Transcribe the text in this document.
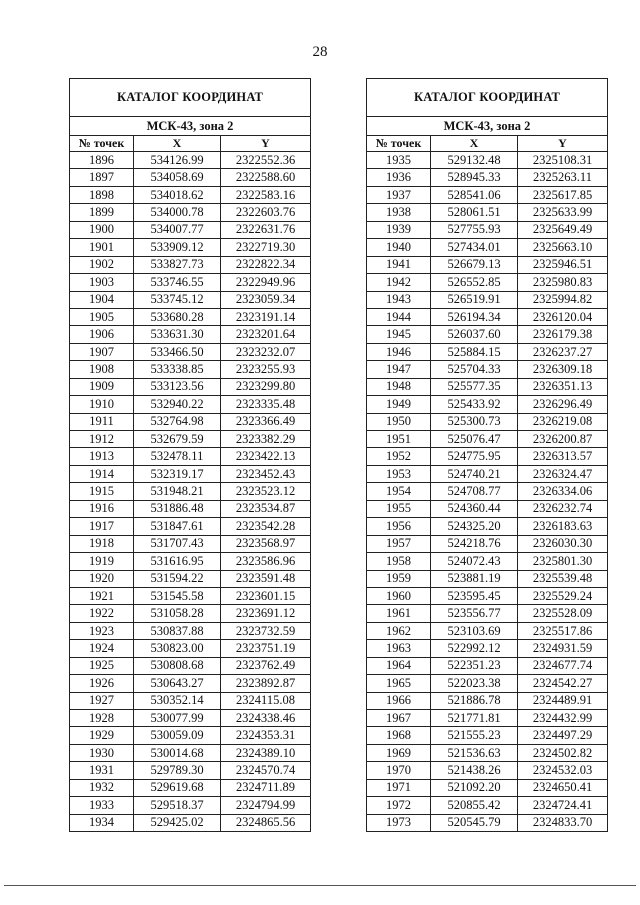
28
КАТАЛОГ КООРДИНАТ		
МСК-43, зона 2		
№ точек	X	Y
1896	534126.99	2322552.36
1897	534058.69	2322588.60
1898	534018.62	2322583.16
1899	534000.78	2322603.76
1900	534007.77	2322631.76
1901	533909.12	2322719.30
1902	533827.73	2322822.34
1903	533746.55	2322949.96
1904	533745.12	2323059.34
1905	533680.28	2323191.14
1906	533631.30	2323201.64
1907	533466.50	2323232.07
1908	533338.85	2323255.93
1909	533123.56	2323299.80
1910	532940.22	2323335.48
1911	532764.98	2323366.49
1912	532679.59	2323382.29
1913	532478.11	2323422.13
1914	532319.17	2323452.43
1915	531948.21	2323523.12
1916	531886.48	2323534.87
1917	531847.61	2323542.28
1918	531707.43	2323568.97
1919	531616.95	2323586.96
1920	531594.22	2323591.48
1921	531545.58	2323601.15
1922	531058.28	2323691.12
1923	530837.88	2323732.59
1924	530823.00	2323751.19
1925	530808.68	2323762.49
1926	530643.27	2323892.87
1927	530352.14	2324115.08
1928	530077.99	2324338.46
1929	530059.09	2324353.31
1930	530014.68	2324389.10
1931	529789.30	2324570.74
1932	529619.68	2324711.89
1933	529518.37	2324794.99
1934	529425.02	2324865.56
КАТАЛОГ КООРДИНАТ		
МСК-43, зона 2		
№ точек	X	Y
1935	529132.48	2325108.31
1936	528945.33	2325263.11
1937	528541.06	2325617.85
1938	528061.51	2325633.99
1939	527755.93	2325649.49
1940	527434.01	2325663.10
1941	526679.13	2325946.51
1942	526552.85	2325980.83
1943	526519.91	2325994.82
1944	526194.34	2326120.04
1945	526037.60	2326179.38
1946	525884.15	2326237.27
1947	525704.33	2326309.18
1948	525577.35	2326351.13
1949	525433.92	2326296.49
1950	525300.73	2326219.08
1951	525076.47	2326200.87
1952	524775.95	2326313.57
1953	524740.21	2326324.47
1954	524708.77	2326334.06
1955	524360.44	2326232.74
1956	524325.20	2326183.63
1957	524218.76	2326030.30
1958	524072.43	2325801.30
1959	523881.19	2325539.48
1960	523595.45	2325529.24
1961	523556.77	2325528.09
1962	523103.69	2325517.86
1963	522992.12	2324931.59
1964	522351.23	2324677.74
1965	522023.38	2324542.27
1966	521886.78	2324489.91
1967	521771.81	2324432.99
1968	521555.23	2324497.29
1969	521536.63	2324502.82
1970	521438.26	2324532.03
1971	521092.20	2324650.41
1972	520855.42	2324724.41
1973	520545.79	2324833.70
